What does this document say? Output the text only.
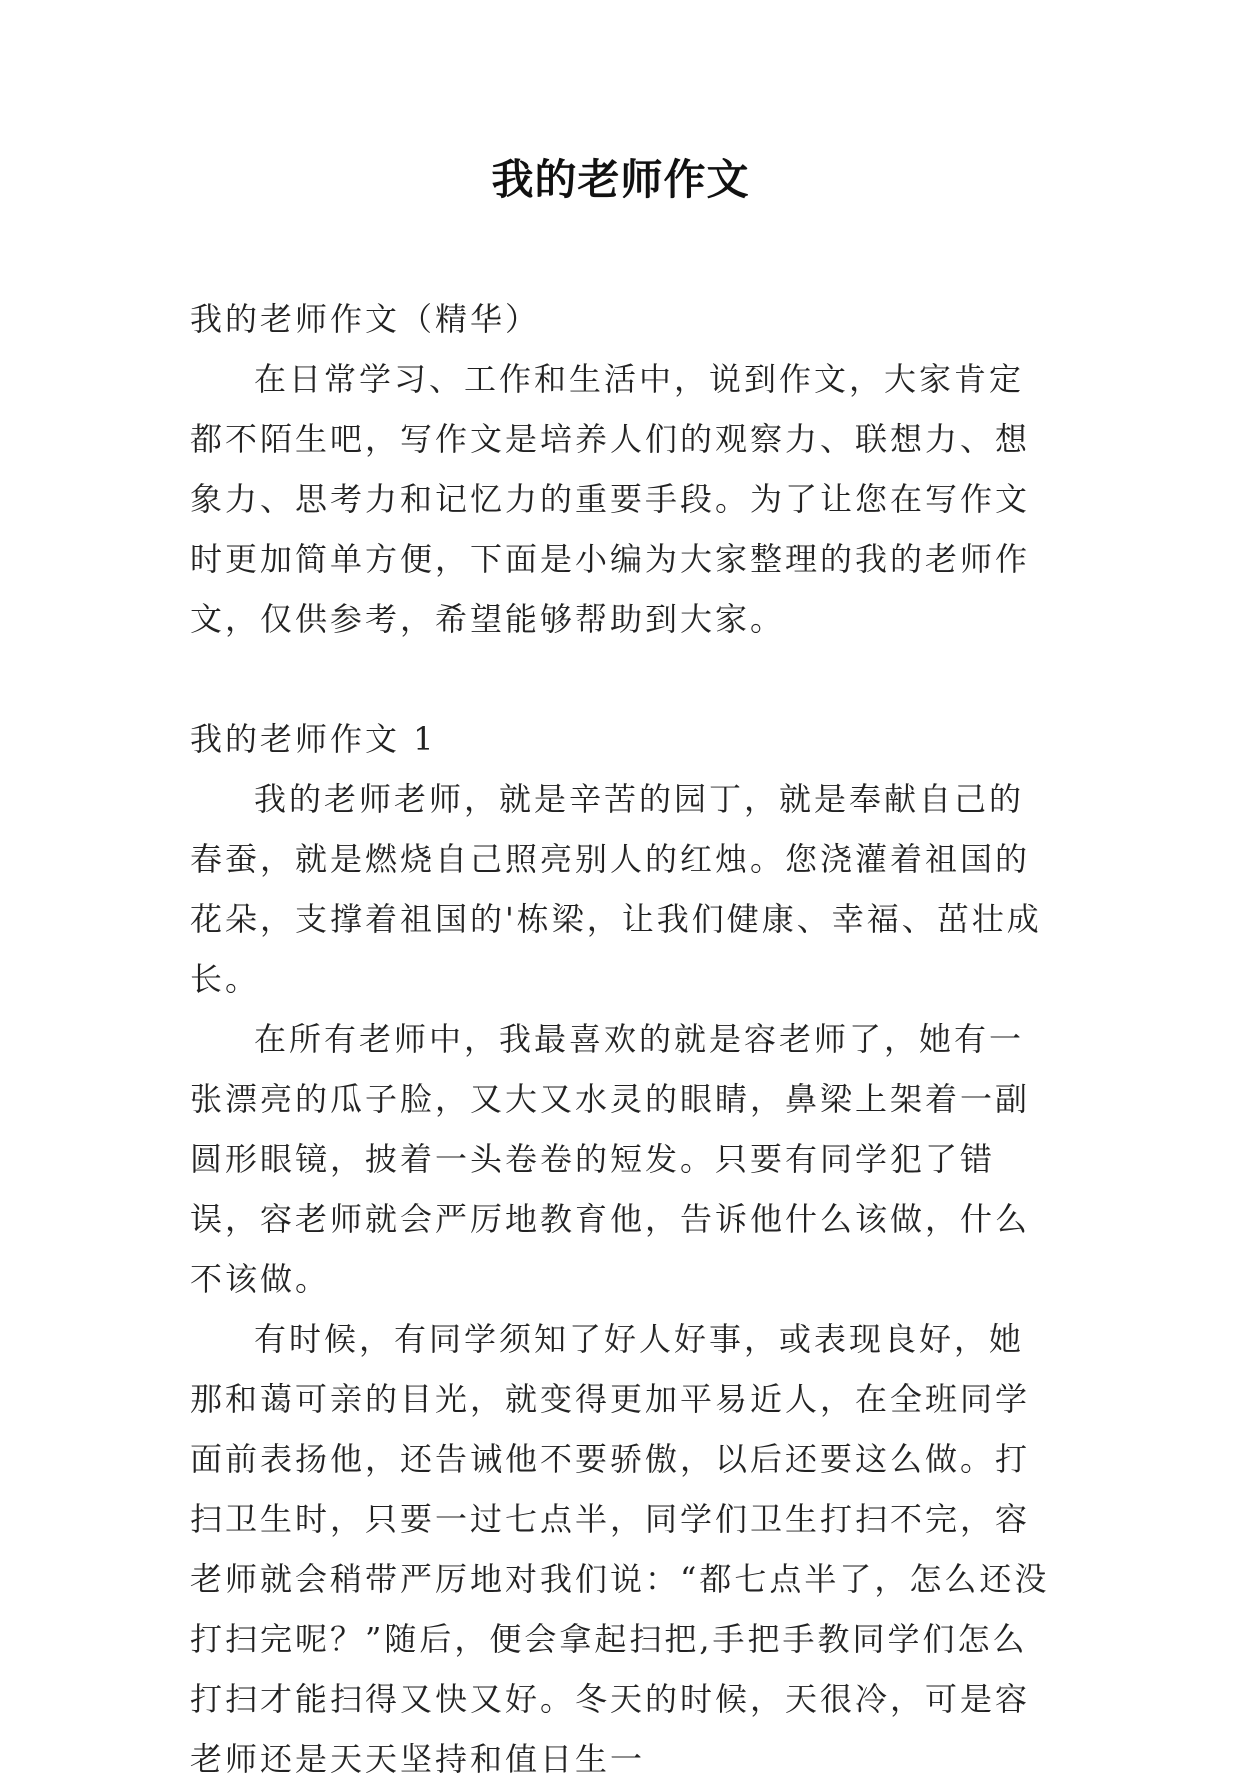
我的老师作文

我的老师作文（精华）

在日常学习、工作和生活中，说到作文，大家肯定都不陌生吧，写作文是培养人们的观察力、联想力、想象力、思考力和记忆力的重要手段。为了让您在写作文时更加简单方便，下面是小编为大家整理的我的老师作文，仅供参考，希望能够帮助到大家。

我的老师作文 1

我的老师老师，就是辛苦的园丁，就是奉献自己的春蚕，就是燃烧自己照亮别人的红烛。您浇灌着祖国的花朵，支撑着祖国的'栋梁，让我们健康、幸福、茁壮成长。

在所有老师中，我最喜欢的就是容老师了，她有一张漂亮的瓜子脸，又大又水灵的眼睛，鼻梁上架着一副圆形眼镜，披着一头卷卷的短发。只要有同学犯了错误，容老师就会严厉地教育他，告诉他什么该做，什么不该做。

有时候，有同学须知了好人好事，或表现良好，她那和蔼可亲的目光，就变得更加平易近人，在全班同学面前表扬他，还告诫他不要骄傲，以后还要这么做。打扫卫生时，只要一过七点半，同学们卫生打扫不完，容老师就会稍带严厉地对我们说：“都七点半了，怎么还没打扫完呢？”随后，便会拿起扫把,手把手教同学们怎么打扫才能扫得又快又好。冬天的时候，天很冷，可是容老师还是天天坚持和值日生一
